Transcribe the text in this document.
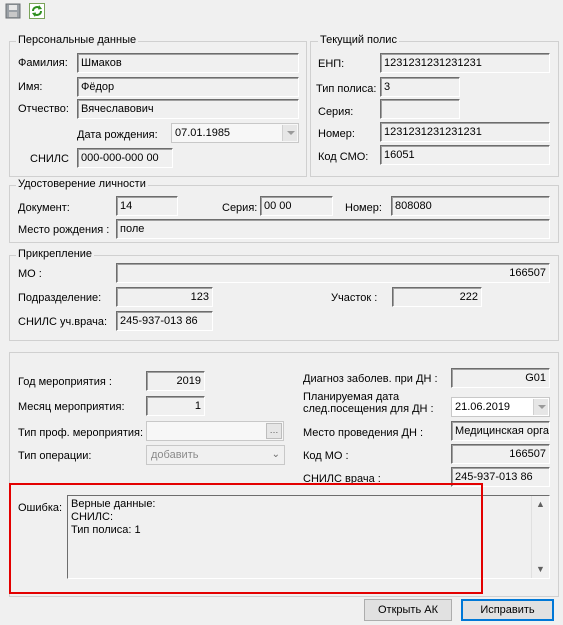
Персональные данные
Фамилия:	Шмаков
Имя:	Фёдор
Отчество:	Вячеславович
Дата рождения:	07.01.1985
СНИЛС	000-000-000 00
Текущий полис
ЕНП:	1231231231231231
Тип полиса: 3
Серия:
Номер:	1231231231231231
Код СМО:	16051
Удостоверение личности
Документ:	14	Серия: 00 00	Номер:	808080
Место рождения : поле
Прикрепление
МО :	166507
Подразделение:	123	Участок :	222
СНИЛС уч.врача:	245-937-013 86
Год мероприятия :	2019
Месяц мероприятия:	1
Тип проф. мероприятия:	…
Тип операции:	добавить	⌄
Диагноз заболев. при ДН :	G01
Планируемая дата
след.посещения для ДН :	21.06.2019
Место проведения ДН :	Медицинская орга
Код МО :	166507
СНИЛС врача :	245-937-013 86
Ошибка: Верные данные:
СНИЛС:
Тип полиса: 1
▲
▼
Открыть АК	Исправить
